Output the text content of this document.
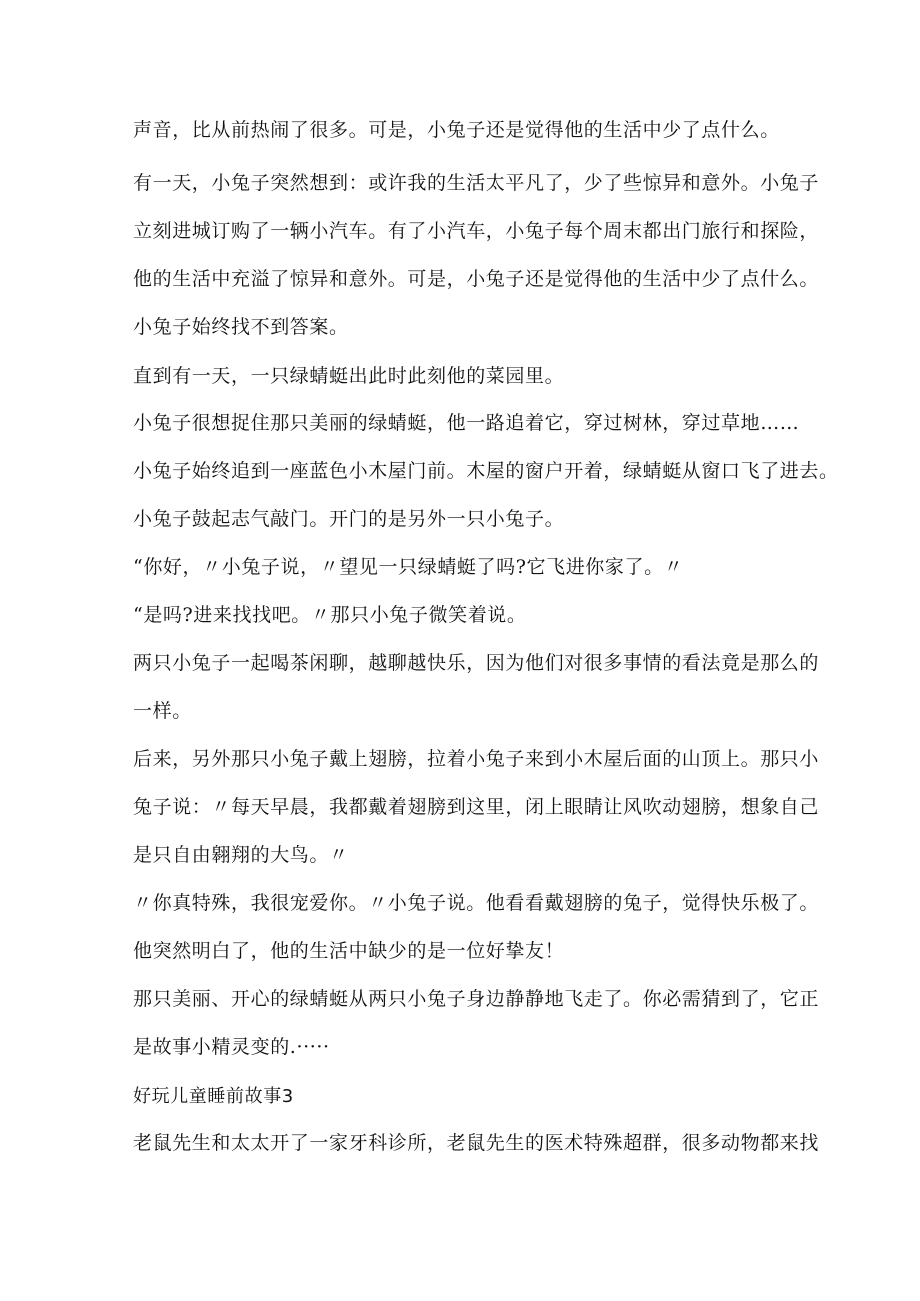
声音，比从前热闹了很多。可是，小兔子还是觉得他的生活中少了点什么。
有一天，小兔子突然想到：或许我的生活太平凡了，少了些惊异和意外。小兔子
立刻进城订购了一辆小汽车。有了小汽车，小兔子每个周末都出门旅行和探险，
他的生活中充溢了惊异和意外。可是，小兔子还是觉得他的生活中少了点什么。
小兔子始终找不到答案。
直到有一天，一只绿蜻蜓出此时此刻他的菜园里。
小兔子很想捉住那只美丽的绿蜻蜓，他一路追着它，穿过树林，穿过草地……
小兔子始终追到一座蓝色小木屋门前。木屋的窗户开着，绿蜻蜓从窗口飞了进去。
小兔子鼓起志气敲门。开门的是另外一只小兔子。
“你好，〃小兔子说，〃望见一只绿蜻蜓了吗?它飞进你家了。〃
“是吗?进来找找吧。〃那只小兔子微笑着说。
两只小兔子一起喝茶闲聊，越聊越快乐，因为他们对很多事情的看法竟是那么的
一样。
后来，另外那只小兔子戴上翅膀，拉着小兔子来到小木屋后面的山顶上。那只小
兔子说：〃每天早晨，我都戴着翅膀到这里，闭上眼睛让风吹动翅膀，想象自己
是只自由翱翔的大鸟。〃
〃你真特殊，我很宠爱你。〃小兔子说。他看看戴翅膀的兔子，觉得快乐极了。
他突然明白了，他的生活中缺少的是一位好挚友！
那只美丽、开心的绿蜻蜓从两只小兔子身边静静地飞走了。你必需猜到了，它正
是故事小精灵变的.·····
好玩儿童睡前故事3
老鼠先生和太太开了一家牙科诊所，老鼠先生的医术特殊超群，很多动物都来找
